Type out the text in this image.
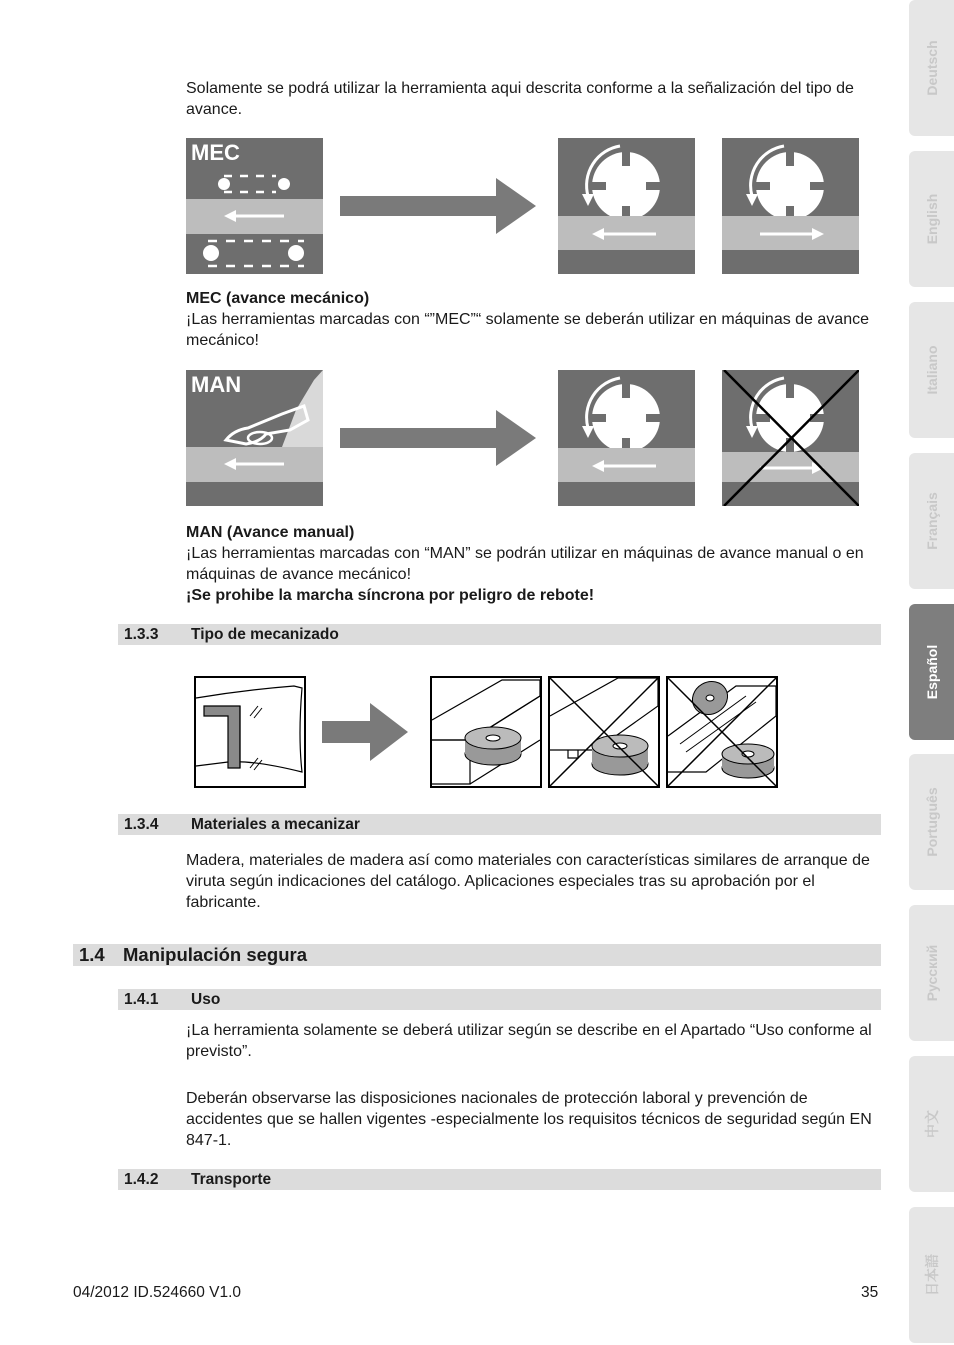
Solamente se podrá utilizar la herramienta aqui descrita conforme a la señalización del tipo de avance.
MEC
MEC (avance mecánico)
¡Las herramientas marcadas con “”MEC”“ solamente se deberán utilizar en máquinas de avance mecánico!
MAN
MAN (Avance manual)
¡Las herramientas marcadas con “MAN” se podrán utilizar en máquinas de avance manual o en máquinas de avance mecánico!
¡Se prohibe la marcha síncrona por peligro de rebote!
1.3.3 Tipo de mecanizado
1.3.4 Materiales a mecanizar
Madera, materiales de madera así como materiales con características similares de arranque de viruta según indicaciones del catálogo. Aplicaciones especiales tras su aprobación por el fabricante.
1.4 Manipulación segura
1.4.1 Uso
¡La herramienta solamente se deberá utilizar según se describe en el Apartado “Uso conforme al previsto”.
Deberán observarse las disposiciones nacionales de protección laboral y prevención de accidentes que se hallen vigentes -especialmente los requisitos técnicos de seguridad según EN 847-1.
1.4.2 Transporte
04/2012 ID.524660 V1.0	35
Deutsch
English
Italiano
Français
Español
Português
Русский
中文
日本語
